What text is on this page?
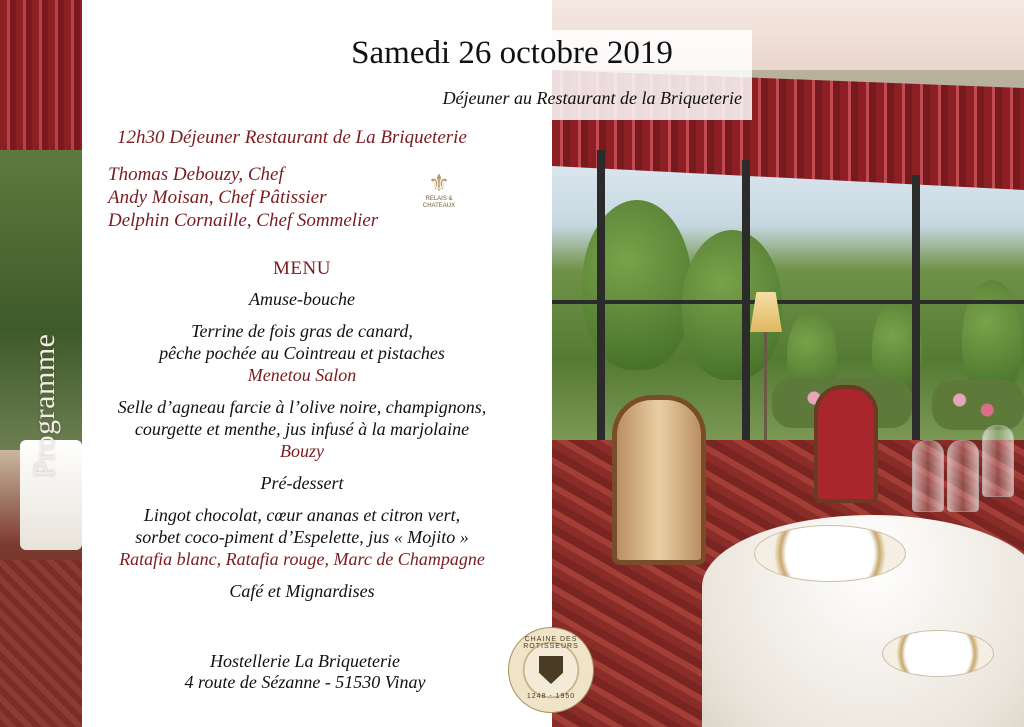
Programme
Samedi 26 octobre 2019
Déjeuner au Restaurant de la Briqueterie
12h30 Déjeuner Restaurant de La Briqueterie
Thomas Debouzy, Chef
Andy Moisan, Chef Pâtissier
Delphin Cornaille, Chef Sommelier
⚜
RELAIS &
CHATEAUX
MENU
Amuse-bouche
Terrine de fois gras de canard,
pêche pochée au Cointreau et pistaches
Menetou Salon
Selle d’agneau farcie à l’olive noire, champignons,
courgette et menthe, jus infusé à la marjolaine
Bouzy
Pré-dessert
Lingot chocolat, cœur ananas et citron vert,
sorbet coco-piment d’Espelette, jus « Mojito »
Ratafia blanc, Ratafia rouge, Marc de Champagne
Café et Mignardises
Hostellerie La Briqueterie
4 route de Sézanne - 51530 Vinay
CHAINE DES ROTISSEURS
1248 - 1950
